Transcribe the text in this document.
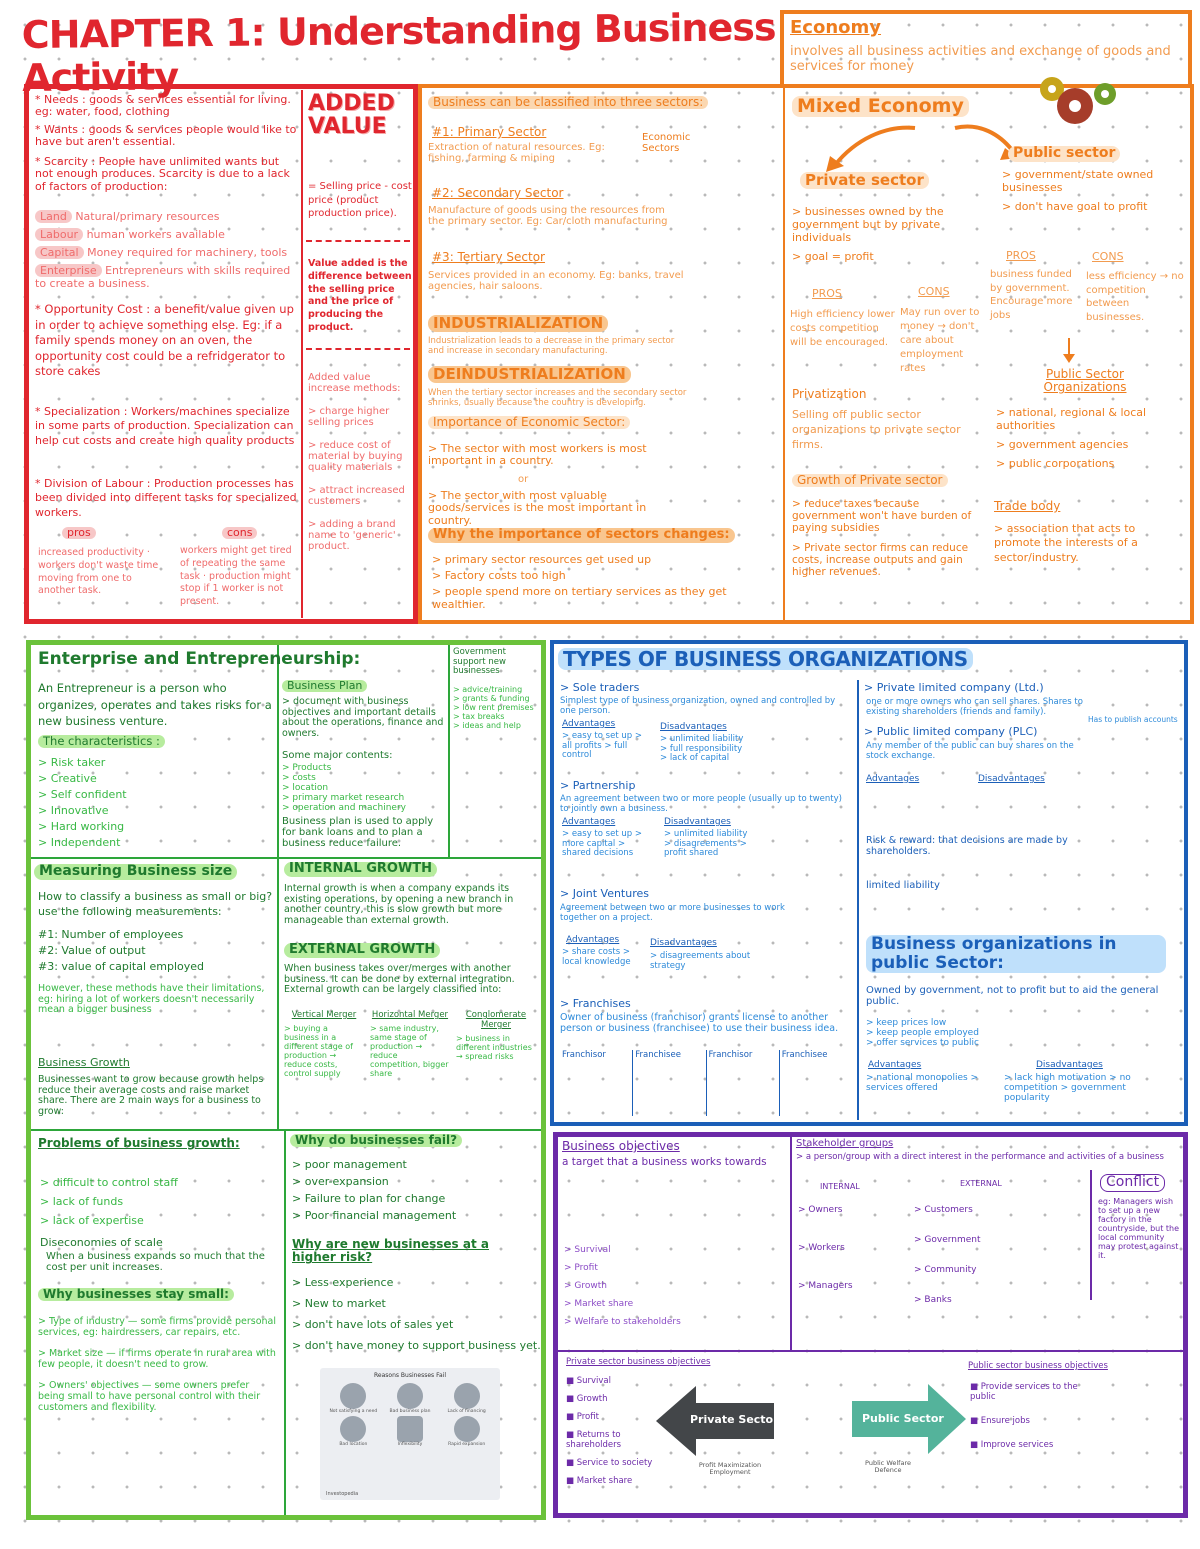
CHAPTER 1: Understanding Business Activity
Economy
involves all business activities and exchange of goods and services for money
* Needs : goods & services essential for living. eg: water, food, clothing
* Wants : goods & services people would like to have but aren't essential.
* Scarcity : People have unlimited wants but not enough produces. Scarcity is due to a lack of factors of production:
Land Natural/primary resources
Labour human workers available
Capital Money required for machinery, tools
Enterprise Entrepreneurs with skills required to create a business.
* Opportunity Cost : a benefit/value given up in order to achieve something else. Eg: if a family spends money on an oven, the opportunity cost could be a refridgerator to store cakes
* Specialization : Workers/machines specialize in some parts of production. Specialization can help cut costs and create high quality products
* Division of Labour : Production processes has been divided into different tasks for specialized workers.
pros	cons
increased productivity · workers don't waste time moving from one to another task.
workers might get tired of repeating the same task · production might stop if 1 worker is not present.
ADDED VALUE
= Selling price - cost price (product production price).
Value added is the difference between the selling price and the price of producing the product.
Added value increase methods:
> charge higher selling prices
> reduce cost of material by buying quality materials
> attract increased customers
> adding a brand name to 'generic' product.
Business can be classified into three sectors:
Economic Sectors
#1: Primary Sector
Extraction of natural resources. Eg: fishing, farming & mining
#2: Secondary Sector
Manufacture of goods using the resources from the primary sector. Eg: Car/cloth manufacturing
#3: Tertiary Sector
Services provided in an economy. Eg: banks, travel agencies, hair saloons.
INDUSTRIALIZATION
Industrialization leads to a decrease in the primary sector and increase in secondary manufacturing.
DEINDUSTRIALIZATION
When the tertiary sector increases and the secondary sector shrinks, usually because the country is developing.
Importance of Economic Sector:
> The sector with most workers is most important in a country.
or
> The sector with most valuable goods/services is the most important in country.
Why the importance of sectors changes:
> primary sector resources get used up
> Factory costs too high
> people spend more on tertiary services as they get wealthier.
Mixed Economy
Private sector
> businesses owned by the government but by private individuals
> goal = profit
PROS	CONS
High efficiency lower costs competition will be encouraged.
May run over to money → don't care about employment rates
Privatization
Selling off public sector organizations to private sector firms.
Growth of Private sector
> reduce taxes because government won't have burden of paying subsidies
> Private sector firms can reduce costs, increase outputs and gain higher revenues.
Public sector
> government/state owned businesses
> don't have goal to profit
PROS	CONS
business funded by government. Encourage more jobs
less efficiency → no competition between businesses.
Public Sector Organizations
> national, regional & local authorities
> government agencies
> public corporations
Trade body
> association that acts to promote the interests of a sector/industry.
Enterprise and Entrepreneurship:
An Entrepreneur is a person who organizes, operates and takes risks for a new business venture.
The characteristics :
> Risk taker
> Creative
> Self confident
> Innovative
> Hard working
> Independent
Business Plan
> document with business objectives and important details about the operations, finance and owners.
Some major contents:
> Products
> costs
> location
> primary market research
> operation and machinery
Business plan is used to apply for bank loans and to plan a business reduce failure.
Government support new businesses
> advice/training
> grants & funding
> low rent premises
> tax breaks
> ideas and help
Measuring Business size
How to classify a business as small or big? use the following measurements:
#1: Number of employees
#2: Value of output
#3: value of capital employed
However, these methods have their limitations, eg: hiring a lot of workers doesn't necessarily mean a bigger business
Business Growth
Businesses want to grow because growth helps reduce their average costs and raise market share. There are 2 main ways for a business to grow:
INTERNAL GROWTH
Internal growth is when a company expands its existing operations, by opening a new branch in another country, this is slow growth but more manageable than external growth.
EXTERNAL GROWTH
When business takes over/merges with another business. It can be done by external integration. External growth can be largely classified into:
Vertical Merger
> buying a business in a different stage of production → reduce costs, control supply
Horizontal Merger
> same industry, same stage of production → reduce competition, bigger share
Conglomerate Merger
> business in different industries → spread risks
Problems of business growth:
> difficult to control staff
> lack of funds
> lack of expertise
Diseconomies of scale
When a business expands so much that the cost per unit increases.
Why businesses stay small:
> Type of industry — some firms provide personal services, eg: hairdressers, car repairs, etc.
> Market size — if firms operate in rural area with few people, it doesn't need to grow.
> Owners' objectives — some owners prefer being small to have personal control with their customers and flexibility.
Why do businesses fail?
> poor management
> over-expansion
> Failure to plan for change
> Poor financial management
Why are new businesses at a higher risk?
> Less experience
> New to market
> don't have lots of sales yet
> don't have money to support business yet.
Reasons Businesses Fail
Not satisfying a need	Bad business plan	Lack of financing
Bad location	Inflexibility	Rapid expansion
Investopedia
TYPES OF BUSINESS ORGANIZATIONS
> Sole traders
Simplest type of business organization, owned and controlled by one person.
Advantages
> easy to set up > all profits > full control
Disadvantages
> unlimited liability > full responsibility > lack of capital
> Partnership
An agreement between two or more people (usually up to twenty) to jointly own a business.
Advantages
> easy to set up > more capital > shared decisions
Disadvantages
> unlimited liability > disagreements > profit shared
> Joint Ventures
Agreement between two or more businesses to work together on a project.
Advantages
> share costs > local knowledge
Disadvantages
> disagreements about strategy
> Franchises
Owner of business (franchisor) grants license to another person or business (franchisee) to use their business idea.
Franchisor	Franchisee	Franchisor	Franchisee
> Private limited company (Ltd.)
one or more owners who can sell shares. Shares to existing shareholders (friends and family).
> Public limited company (PLC)
Any member of the public can buy shares on the stock exchange.
Has to publish accounts
Advantages	Disadvantages
Risk & reward: that decisions are made by shareholders.
limited liability
Business organizations in public Sector:
Owned by government, not to profit but to aid the general public.
> keep prices low
> keep people employed
> offer services to public
Advantages
> national monopolies > services offered
Disadvantages
> lack high motivation > no competition > government popularity
Business objectives
a target that a business works towards
> Survival
> Profit
> Growth
> Market share
> Welfare to stakeholders
Stakeholder groups
> a person/group with a direct interest in the performance and activities of a business
INTERNAL	EXTERNAL
> Owners
> Workers
> Managers
> Customers
> Government
> Community
> Banks
Conflict
eg: Managers wish to set up a new factory in the countryside, but the local community may protest against it.
Private sector business objectives
■ Survival
■ Growth
■ Profit
■ Returns to shareholders
■ Service to society
■ Market share
Private Sector
Profit Maximization
Employment
Public Sector
Public Welfare
Defence
Public sector business objectives
■ Provide services to the public
■ Ensure jobs
■ Improve services
